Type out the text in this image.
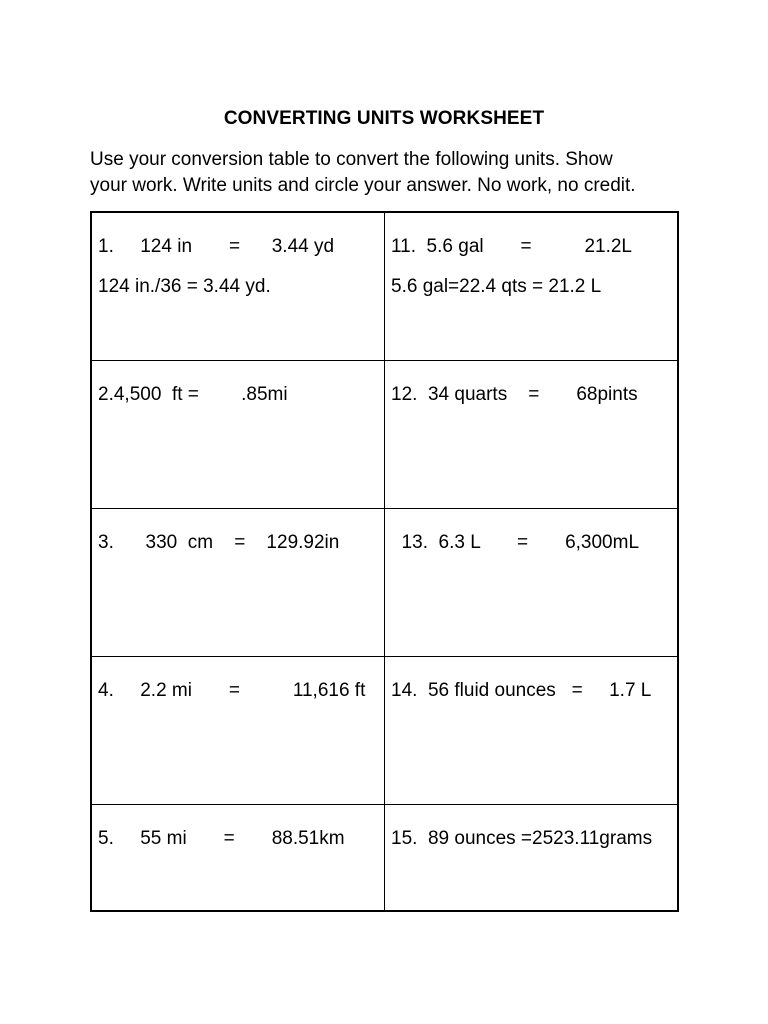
CONVERTING UNITS WORKSHEET
Use your conversion table to convert the following units. Show
your work. Write units and circle your answer. No work, no credit.
1.     124 in       =      3.44 yd
124 in./36 = 3.44 yd.
11.  5.6 gal       =          21.2L
5.6 gal=22.4 qts = 21.2 L
2.4,500  ft =        .85mi	12.  34 quarts    =       68pints
3.      330  cm    =    129.92in	13.  6.3 L       =       6,300mL
4.     2.2 mi       =          11,616 ft 14.  56 fluid ounces   =     1.7 L
5.     55 mi       =       88.51km 15.  89 ounces =2523.11grams
